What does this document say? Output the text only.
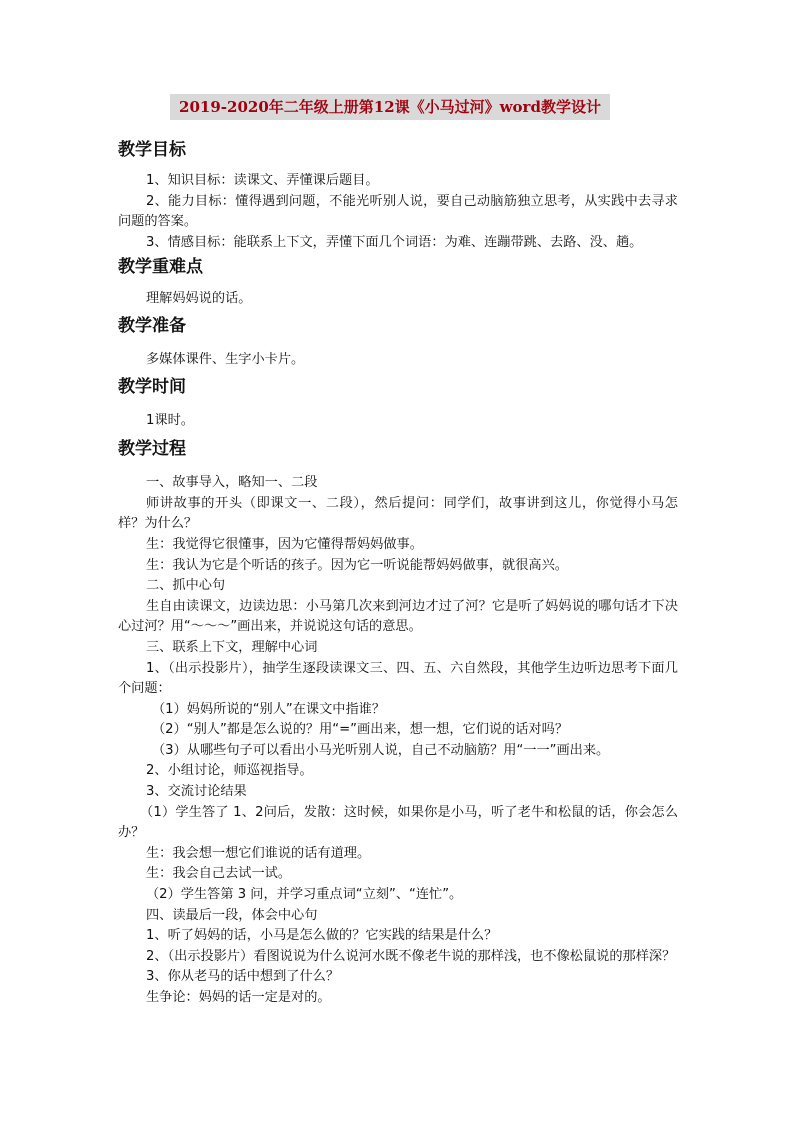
2019-2020年二年级上册第12课《小马过河》word教学设计
教学目标

1、知识目标：读课文、弄懂课后题目。

2、能力目标：懂得遇到问题，不能光听别人说，要自己动脑筋独立思考，从实践中去寻求问题的答案。

3、情感目标：能联系上下文，弄懂下面几个词语：为难、连蹦带跳、去路、没、趟。

教学重难点

理解妈妈说的话。

教学准备

多媒体课件、生字小卡片。

教学时间

1课时。

教学过程

一、故事导入，略知一、二段

师讲故事的开头（即课文一、二段），然后提问：同学们，故事讲到这儿，你觉得小马怎样？为什么？

生：我觉得它很懂事，因为它懂得帮妈妈做事。

生：我认为它是个听话的孩子。因为它一听说能帮妈妈做事，就很高兴。

二、抓中心句

生自由读课文，边读边思：小马第几次来到河边才过了河？它是听了妈妈说的哪句话才下决心过河？用“～～～”画出来，并说说这句话的意思。

三、联系上下文，理解中心词

1、（出示投影片），抽学生逐段读课文三、四、五、六自然段，其他学生边听边思考下面几个问题：

（1）妈妈所说的“别人”在课文中指谁？

（2）“别人”都是怎么说的？用“=”画出来，想一想，它们说的话对吗？

（3）从哪些句子可以看出小马光听别人说，自己不动脑筋？用“一一”画出来。

2、小组讨论，师巡视指导。

3、交流讨论结果

（1）学生答了 1、2问后，发散：这时候，如果你是小马，听了老牛和松鼠的话，你会怎么办？

生：我会想一想它们谁说的话有道理。

生：我会自己去试一试。

（2）学生答第 3 问，并学习重点词“立刻”、“连忙”。

四、读最后一段，体会中心句

1、听了妈妈的话，小马是怎么做的？它实践的结果是什么？

2、（出示投影片）看图说说为什么说河水既不像老牛说的那样浅，也不像松鼠说的那样深？

3、你从老马的话中想到了什么？

生争论：妈妈的话一定是对的。
